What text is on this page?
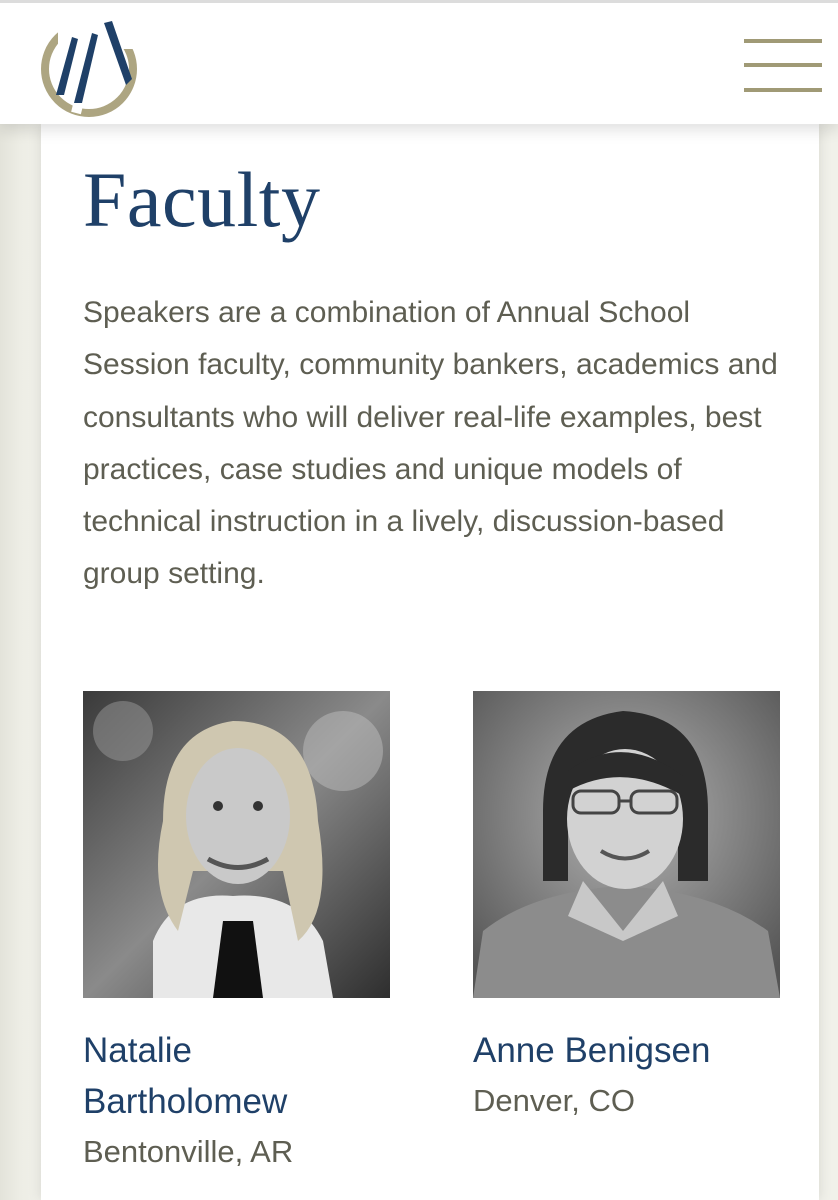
Faculty

Speakers are a combination of Annual School Session faculty, community bankers, academics and consultants who will deliver real-life examples, best practices, case studies and unique models of technical instruction in a lively, discussion-based group setting.

Natalie Bartholomew
Bentonville, AR
Anne Benigsen
Denver, CO
